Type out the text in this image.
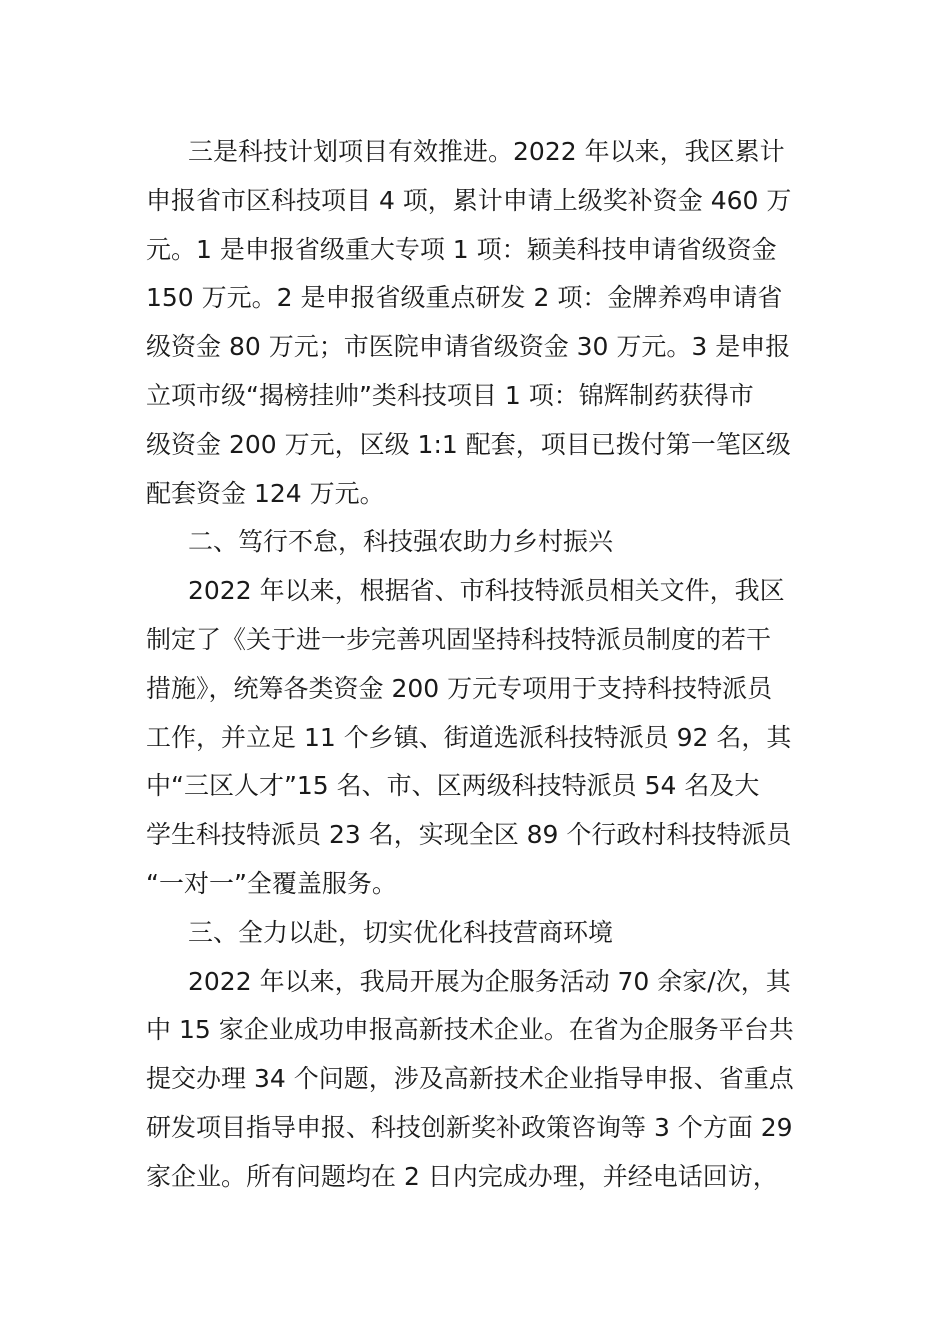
三是科技计划项目有效推进。2022 年以来，我区累计
申报省市区科技项目 4 项，累计申请上级奖补资金 460 万
元。1 是申报省级重大专项 1 项：颖美科技申请省级资金
150 万元。2 是申报省级重点研发 2 项：金牌养鸡申请省
级资金 80 万元；市医院申请省级资金 30 万元。3 是申报
立项市级“揭榜挂帅”类科技项目 1 项：锦辉制药获得市
级资金 200 万元，区级 1:1 配套，项目已拨付第一笔区级
配套资金 124 万元。
二、笃行不怠，科技强农助力乡村振兴
2022 年以来，根据省、市科技特派员相关文件，我区
制定了《关于进一步完善巩固坚持科技特派员制度的若干
措施》，统筹各类资金 200 万元专项用于支持科技特派员
工作，并立足 11 个乡镇、街道选派科技特派员 92 名，其
中“三区人才”15 名、市、区两级科技特派员 54 名及大
学生科技特派员 23 名，实现全区 89 个行政村科技特派员
“一对一”全覆盖服务。
三、全力以赴，切实优化科技营商环境
2022 年以来，我局开展为企服务活动 70 余家/次，其
中 15 家企业成功申报高新技术企业。在省为企服务平台共
提交办理 34 个问题，涉及高新技术企业指导申报、省重点
研发项目指导申报、科技创新奖补政策咨询等 3 个方面 29
家企业。所有问题均在 2 日内完成办理，并经电话回访，
